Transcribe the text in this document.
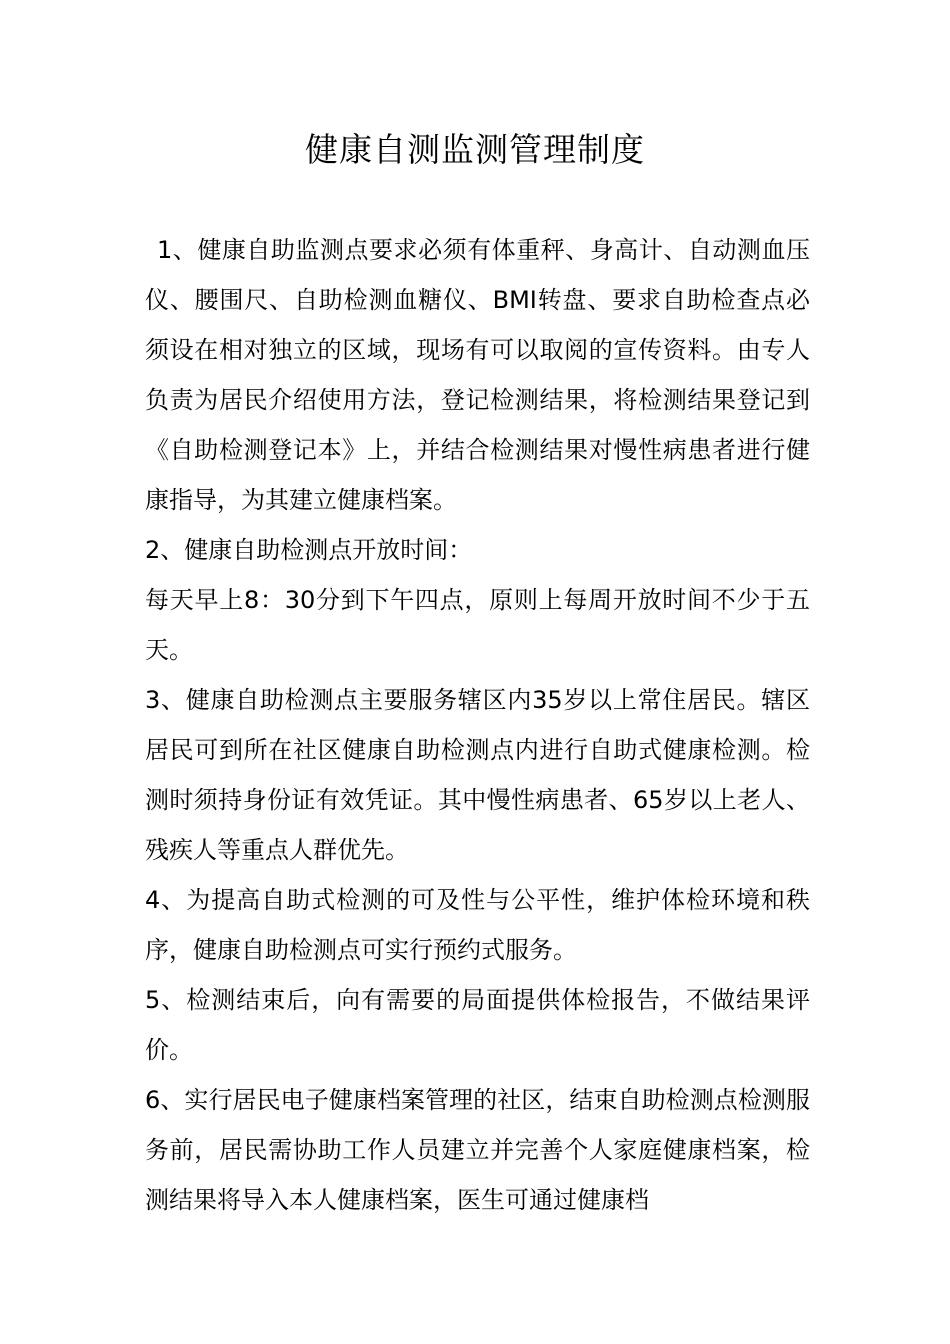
健康自测监测管理制度

1、健康自助监测点要求必须有体重秤、身高计、自动测血压仪、腰围尺、自助检测血糖仪、BMI转盘、要求自助检查点必须设在相对独立的区域，现场有可以取阅的宣传资料。由专人负责为居民介绍使用方法，登记检测结果，将检测结果登记到《自助检测登记本》上，并结合检测结果对慢性病患者进行健康指导，为其建立健康档案。

2、健康自助检测点开放时间：

每天早上8：30分到下午四点，原则上每周开放时间不少于五天。

3、健康自助检测点主要服务辖区内35岁以上常住居民。辖区居民可到所在社区健康自助检测点内进行自助式健康检测。检测时须持身份证有效凭证。其中慢性病患者、65岁以上老人、残疾人等重点人群优先。

4、为提高自助式检测的可及性与公平性，维护体检环境和秩序，健康自助检测点可实行预约式服务。

5、检测结束后，向有需要的局面提供体检报告，不做结果评价。

6、实行居民电子健康档案管理的社区，结束自助检测点检测服务前，居民需协助工作人员建立并完善个人家庭健康档案，检测结果将导入本人健康档案，医生可通过健康档
